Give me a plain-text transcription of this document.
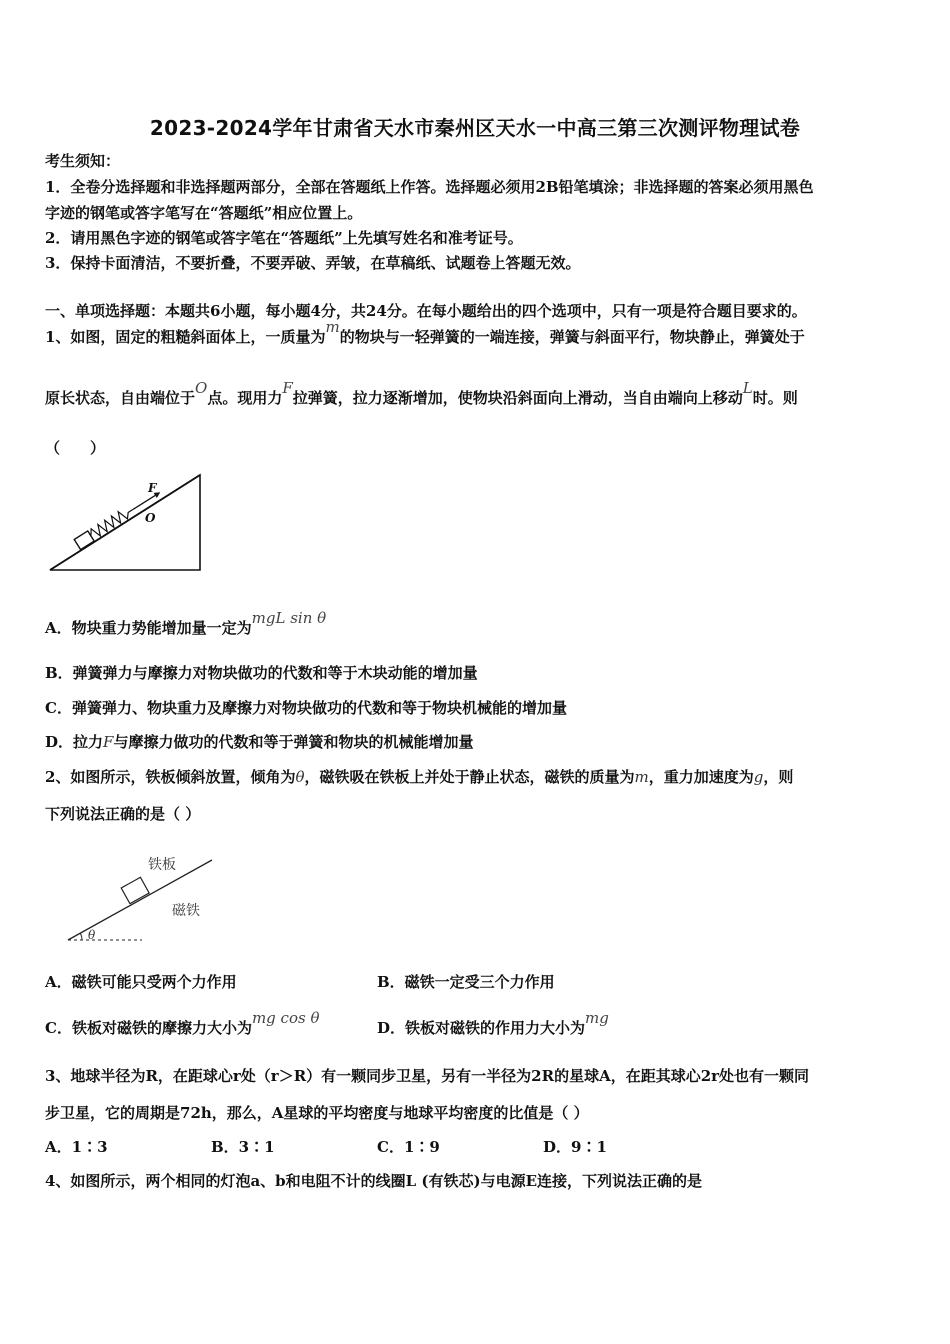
2023-2024学年甘肃省天水市秦州区天水一中高三第三次测评物理试卷
考生须知：
1．全卷分选择题和非选择题两部分，全部在答题纸上作答。选择题必须用2B铅笔填涂；非选择题的答案必须用黑色
字迹的钢笔或答字笔写在“答题纸”相应位置上。
2．请用黑色字迹的钢笔或答字笔在“答题纸”上先填写姓名和准考证号。
3．保持卡面清洁，不要折叠，不要弄破、弄皱，在草稿纸、试题卷上答题无效。
一、单项选择题：本题共6小题，每小题4分，共24分。在每小题给出的四个选项中，只有一项是符合题目要求的。
1、如图，固定的粗糙斜面体上，一质量为m的物块与一轻弹簧的一端连接，弹簧与斜面平行，物块静止，弹簧处于
原长状态，自由端位于O点。现用力F拉弹簧，拉力逐渐增加，使物块沿斜面向上滑动，当自由端向上移动L时。则
（　　）
F
O
A．物块重力势能增加量一定为mgL sin θ
B．弹簧弹力与摩擦力对物块做功的代数和等于木块动能的增加量
C．弹簧弹力、物块重力及摩擦力对物块做功的代数和等于物块机械能的增加量
D．拉力F与摩擦力做功的代数和等于弹簧和物块的机械能增加量
2、如图所示，铁板倾斜放置，倾角为θ，磁铁吸在铁板上并处于静止状态，磁铁的质量为m，重力加速度为g，则
下列说法正确的是（ ）
铁板
磁铁
θ
A．磁铁可能只受两个力作用	B．磁铁一定受三个力作用
C．铁板对磁铁的摩擦力大小为mg cos θ
D．铁板对磁铁的作用力大小为mg
3、地球半径为R，在距球心r处（r＞R）有一颗同步卫星，另有一半径为2R的星球A，在距其球心2r处也有一颗同
步卫星，它的周期是72h，那么，A星球的平均密度与地球平均密度的比值是（ ）
A．1∶3	B．3∶1	C．1∶9	D．9∶1
4、如图所示，两个相同的灯泡a、b和电阻不计的线圈L (有铁芯)与电源E连接，下列说法正确的是
